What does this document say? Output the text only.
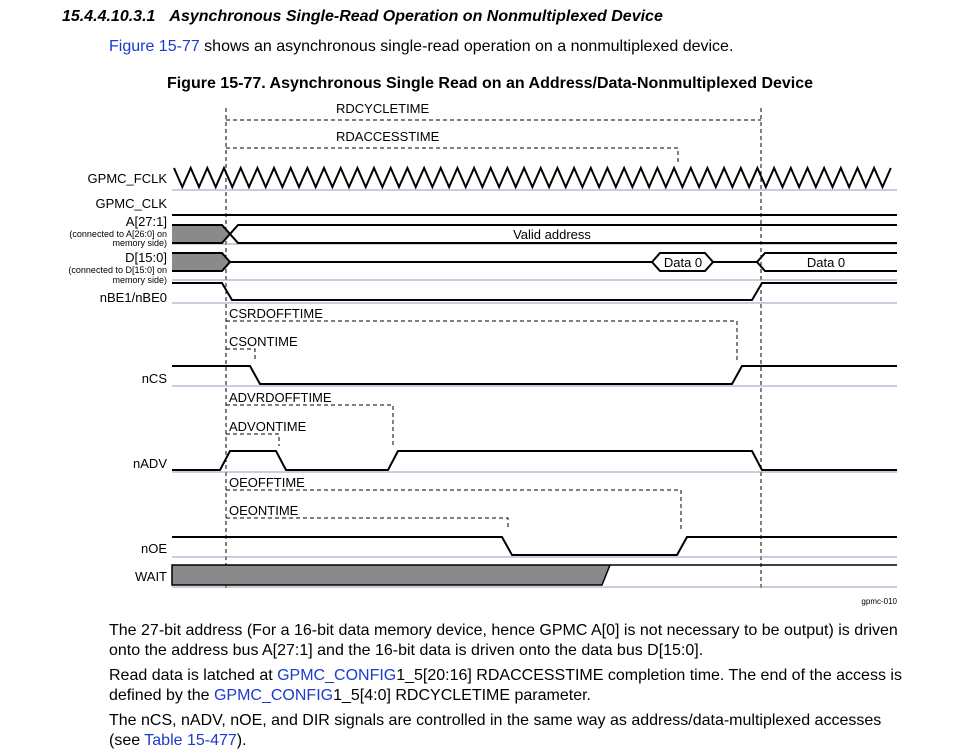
15.4.4.10.3.1 Asynchronous Single-Read Operation on Nonmultiplexed Device
Figure 15-77 shows an asynchronous single-read operation on a nonmultiplexed device.
Figure 15-77. Asynchronous Single Read on an Address/Data-Nonmultiplexed Device
RDCYCLETIME
RDACCESSTIME
GPMC_FCLK
GPMC_CLK
A[27:1]
(connected to A[26:0] on
memory side)
Valid address
D[15:0]
(connected to D[15:0] on
memory side)
Data 0	Data 0
nBE1/nBE0
CSRDOFFTIME
CSONTIME
nCS
ADVRDOFFTIME
ADVONTIME
nADV
OEOFFTIME
OEONTIME
nOE
WAIT
gpmc-010
The 27-bit address (For a 16-bit data memory device, hence GPMC A[0] is not necessary to be output) is driven onto the address bus A[27:1] and the 16-bit data is driven onto the data bus D[15:0].
Read data is latched at GPMC_CONFIG1_5[20:16] RDACCESSTIME completion time. The end of the access is defined by the GPMC_CONFIG1_5[4:0] RDCYCLETIME parameter.
The nCS, nADV, nOE, and DIR signals are controlled in the same way as address/data-multiplexed accesses (see Table 15-477).
